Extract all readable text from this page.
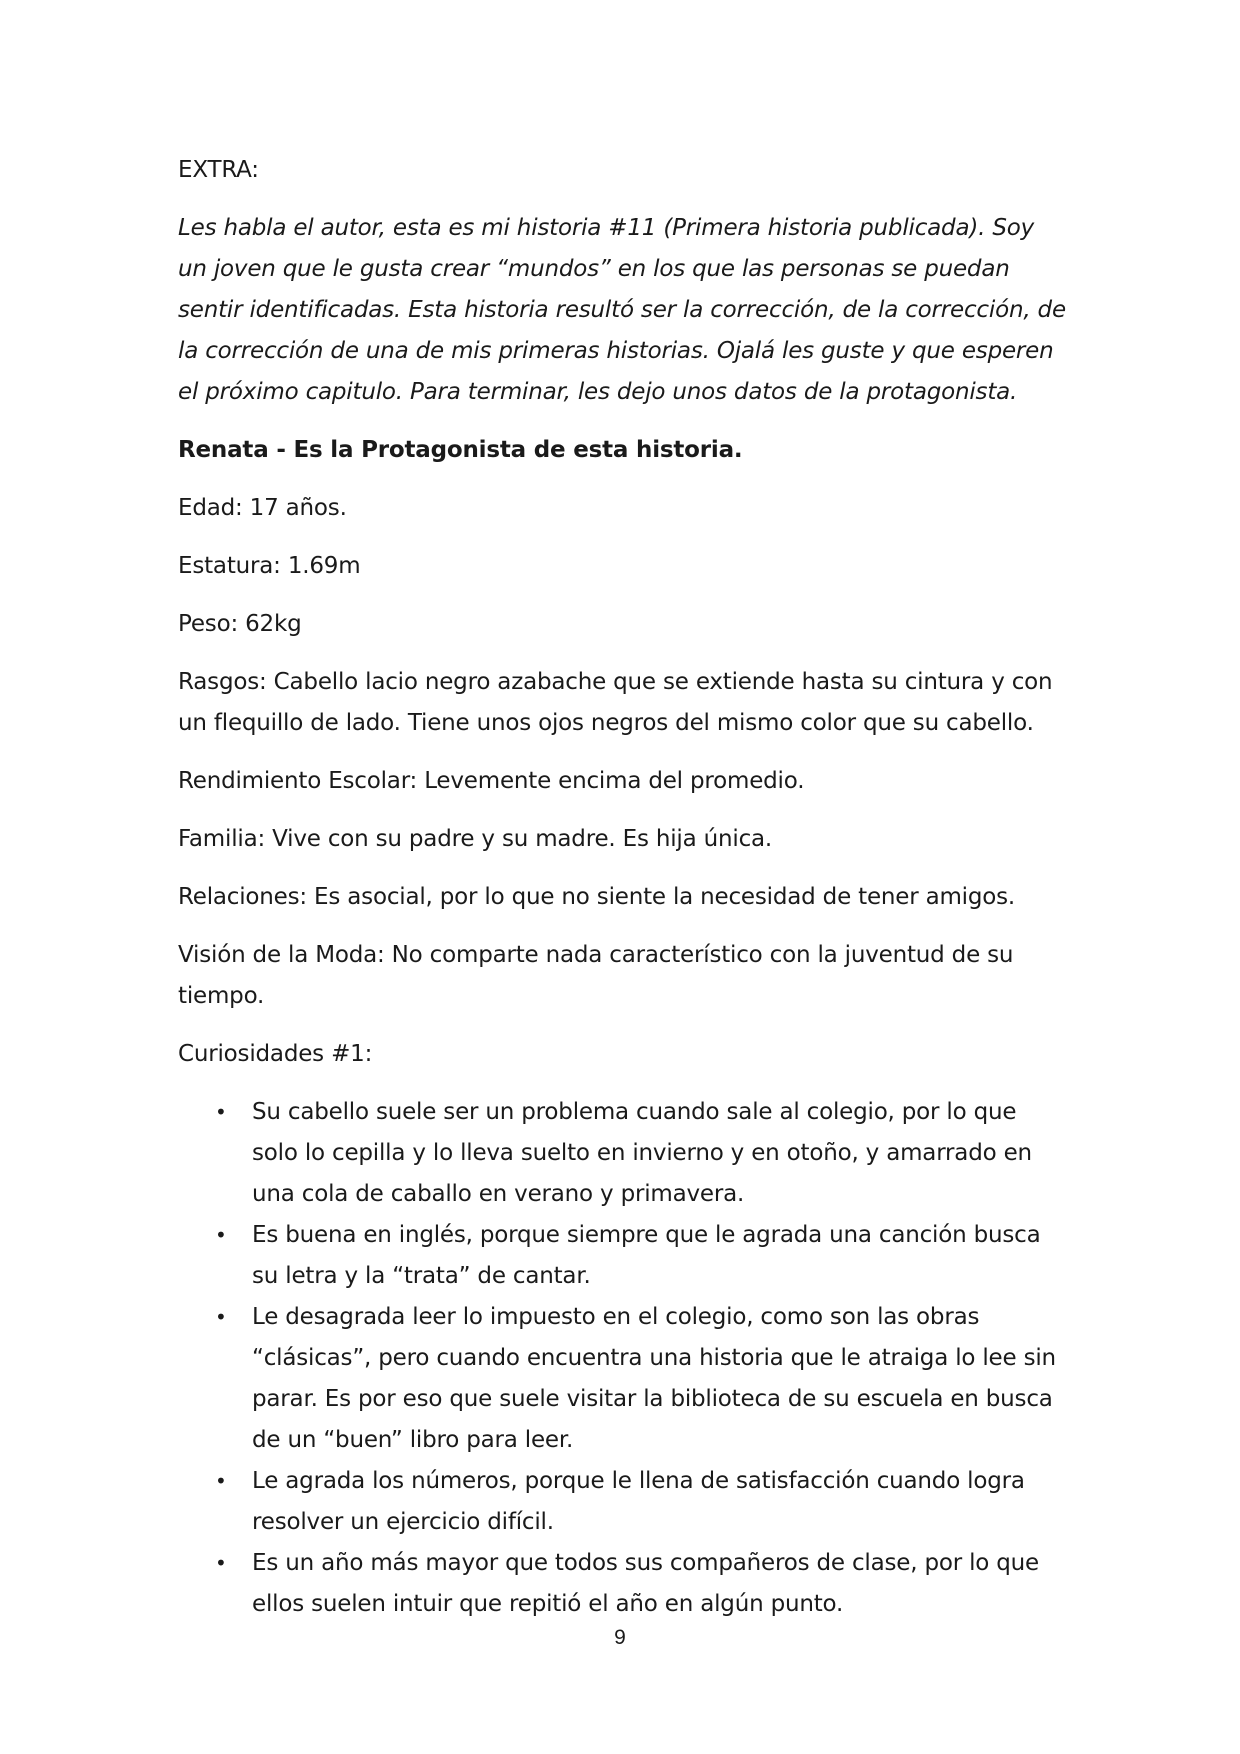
EXTRA:

Les habla el autor, esta es mi historia #11 (Primera historia publicada). Soy un joven que le gusta crear “mundos” en los que las personas se puedan sentir identificadas. Esta historia resultó ser la corrección, de la corrección, de la corrección de una de mis primeras historias. Ojalá les guste y que esperen el próximo capitulo. Para terminar, les dejo unos datos de la protagonista.

Renata - Es la Protagonista de esta historia.

Edad: 17 años.

Estatura: 1.69m

Peso: 62kg

Rasgos: Cabello lacio negro azabache que se extiende hasta su cintura y con un flequillo de lado. Tiene unos ojos negros del mismo color que su cabello.

Rendimiento Escolar: Levemente encima del promedio.

Familia: Vive con su padre y su madre. Es hija única.

Relaciones: Es asocial, por lo que no siente la necesidad de tener amigos.

Visión de la Moda: No comparte nada característico con la juventud de su tiempo.

Curiosidades #1:

• Su cabello suele ser un problema cuando sale al colegio, por lo que solo lo cepilla y lo lleva suelto en invierno y en otoño, y amarrado en una cola de caballo en verano y primavera.
• Es buena en inglés, porque siempre que le agrada una canción busca su letra y la “trata” de cantar.
• Le desagrada leer lo impuesto en el colegio, como son las obras “clásicas”, pero cuando encuentra una historia que le atraiga lo lee sin parar. Es por eso que suele visitar la biblioteca de su escuela en busca de un “buen” libro para leer.
• Le agrada los números, porque le llena de satisfacción cuando logra resolver un ejercicio difícil.
• Es un año más mayor que todos sus compañeros de clase, por lo que ellos suelen intuir que repitió el año en algún punto.
9
